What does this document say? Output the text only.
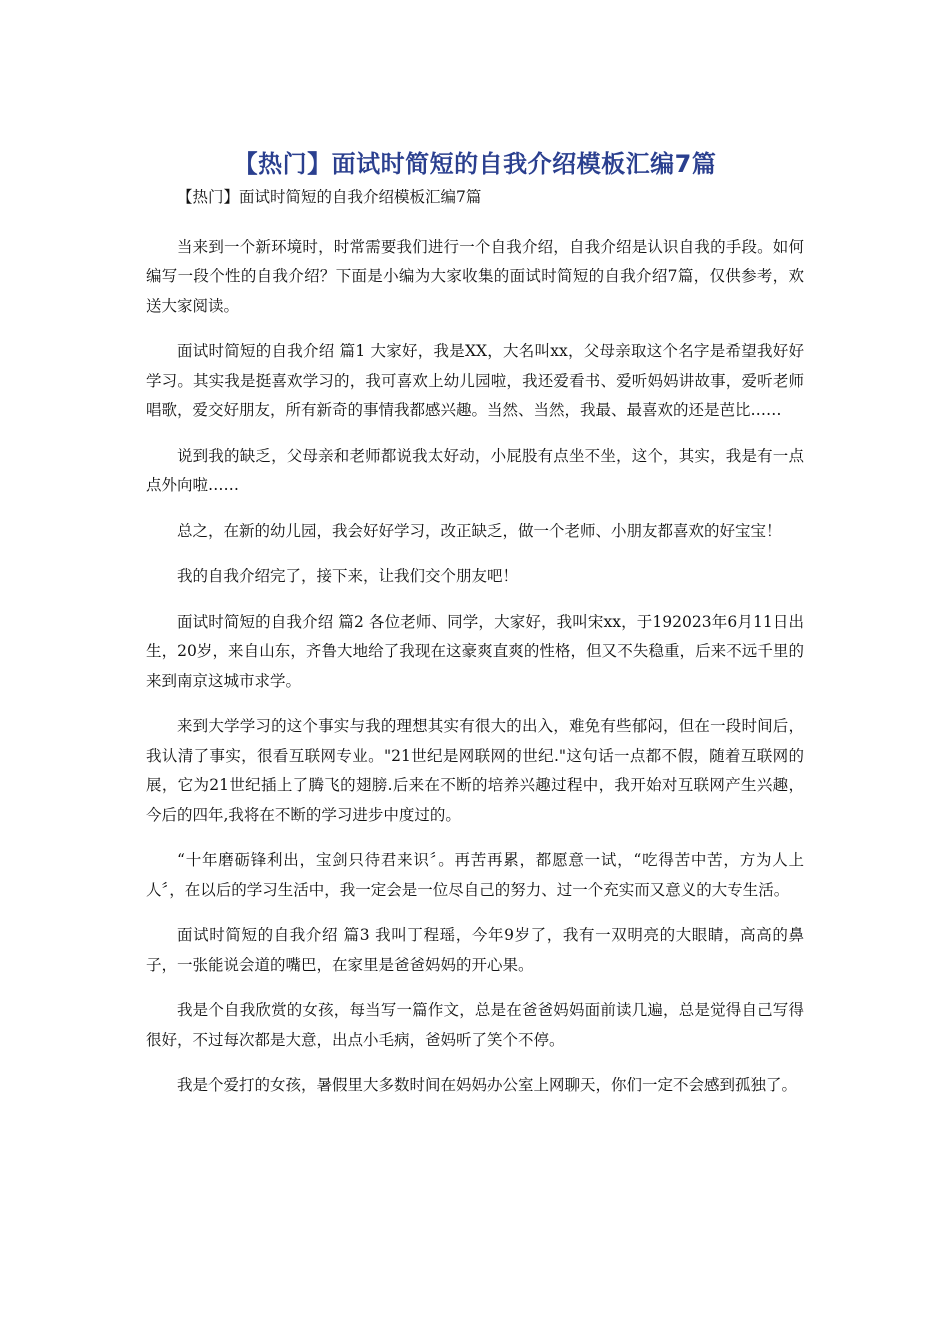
【热门】面试时简短的自我介绍模板汇编7篇

【热门】面试时简短的自我介绍模板汇编7篇

当来到一个新环境时，时常需要我们进行一个自我介绍，自我介绍是认识自我的手段。如何编写一段个性的自我介绍？下面是小编为大家收集的面试时简短的自我介绍7篇，仅供参考，欢送大家阅读。

面试时简短的自我介绍 篇1 大家好，我是XX，大名叫xx，父母亲取这个名字是希望我好好学习。其实我是挺喜欢学习的，我可喜欢上幼儿园啦，我还爱看书、爱听妈妈讲故事，爱听老师唱歌，爱交好朋友，所有新奇的事情我都感兴趣。当然、当然，我最、最喜欢的还是芭比……

说到我的缺乏，父母亲和老师都说我太好动，小屁股有点坐不坐，这个，其实，我是有一点点外向啦……

总之，在新的幼儿园，我会好好学习，改正缺乏，做一个老师、小朋友都喜欢的好宝宝！

我的自我介绍完了，接下来，让我们交个朋友吧！

面试时简短的自我介绍 篇2 各位老师、同学，大家好，我叫宋xx，于192023年6月11日出生，20岁，来自山东，齐鲁大地给了我现在这豪爽直爽的性格，但又不失稳重，后来不远千里的来到南京这城市求学。

来到大学学习的这个事实与我的理想其实有很大的出入，难免有些郁闷，但在一段时间后，我认清了事实，很看互联网专业。"21世纪是网联网的世纪."这句话一点都不假，随着互联网的展，它为21世纪插上了腾飞的翅膀.后来在不断的培养兴趣过程中，我开始对互联网产生兴趣，今后的四年,我将在不断的学习进步中度过的。

“十年磨砺锋利出，宝剑只待君来识〞。再苦再累，都愿意一试，“吃得苦中苦，方为人上人〞，在以后的学习生活中，我一定会是一位尽自己的努力、过一个充实而又意义的大专生活。

面试时简短的自我介绍 篇3 我叫丁程瑶，今年9岁了，我有一双明亮的大眼睛，高高的鼻子，一张能说会道的嘴巴，在家里是爸爸妈妈的开心果。

我是个自我欣赏的女孩，每当写一篇作文，总是在爸爸妈妈面前读几遍，总是觉得自己写得很好，不过每次都是大意，出点小毛病，爸妈听了笑个不停。

我是个爱打的女孩，暑假里大多数时间在妈妈办公室上网聊天，你们一定不会感到孤独了。
